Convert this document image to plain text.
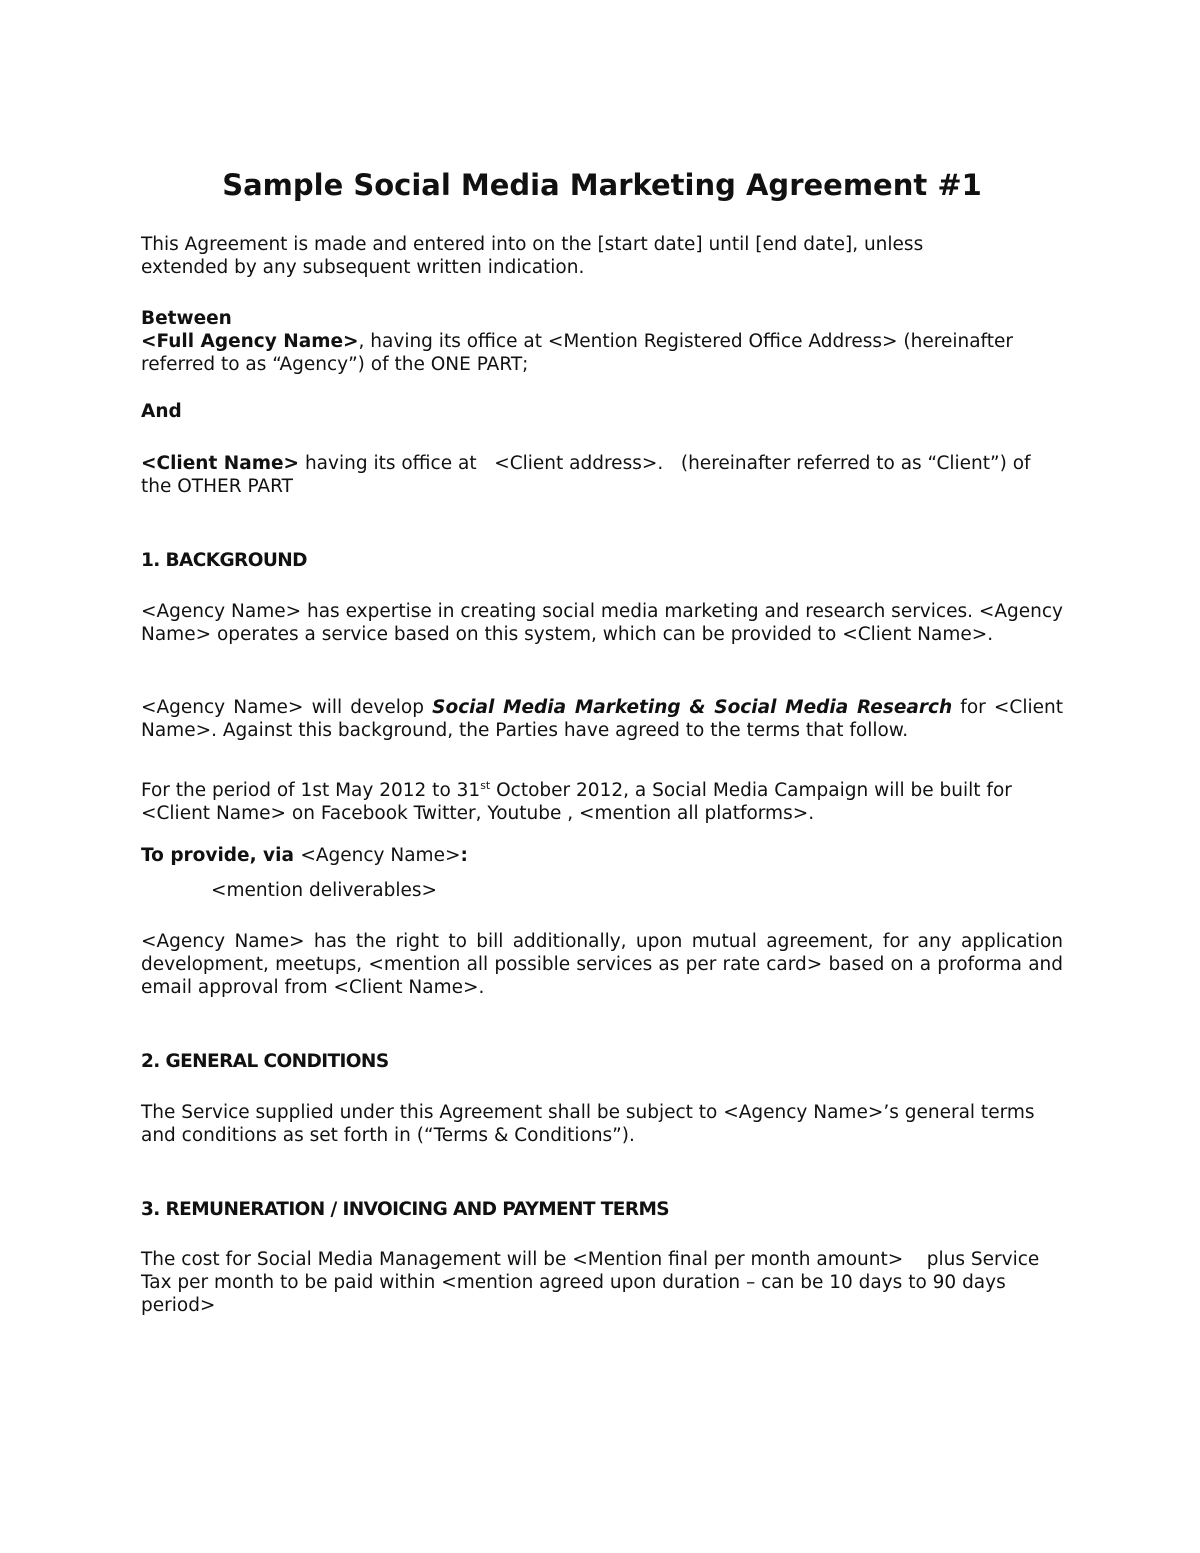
Sample Social Media Marketing Agreement #1

This Agreement is made and entered into on the [start date] until [end date], unless extended by any subsequent written indication.

Between
<Full Agency Name>, having its office at <Mention Registered Office Address> (hereinafter referred to as “Agency”) of the ONE PART;
And
<Client Name> having its office at   <Client address>.   (hereinafter referred to as “Client”) of the OTHER PART
1. BACKGROUND

<Agency Name> has expertise in creating social media marketing and research services. <Agency Name> operates a service based on this system, which can be provided to <Client Name>.

<Agency Name> will develop Social Media Marketing & Social Media Research for <Client Name>. Against this background, the Parties have agreed to the terms that follow.

For the period of 1st May 2012 to 31st October 2012, a Social Media Campaign will be built for <Client Name> on Facebook Twitter, Youtube , <mention all platforms>.

To provide, via <Agency Name>:
<mention deliverables>

<Agency Name> has the right to bill additionally, upon mutual agreement, for any application development, meetups, <mention all possible services as per rate card> based on a proforma and email approval from <Client Name>.

2. GENERAL CONDITIONS

The Service supplied under this Agreement shall be subject to <Agency Name>’s general terms and conditions as set forth in (“Terms & Conditions”).

3. REMUNERATION / INVOICING AND PAYMENT TERMS

The cost for Social Media Management will be <Mention final per month amount>    plus Service Tax per month to be paid within <mention agreed upon duration – can be 10 days to 90 days period>
